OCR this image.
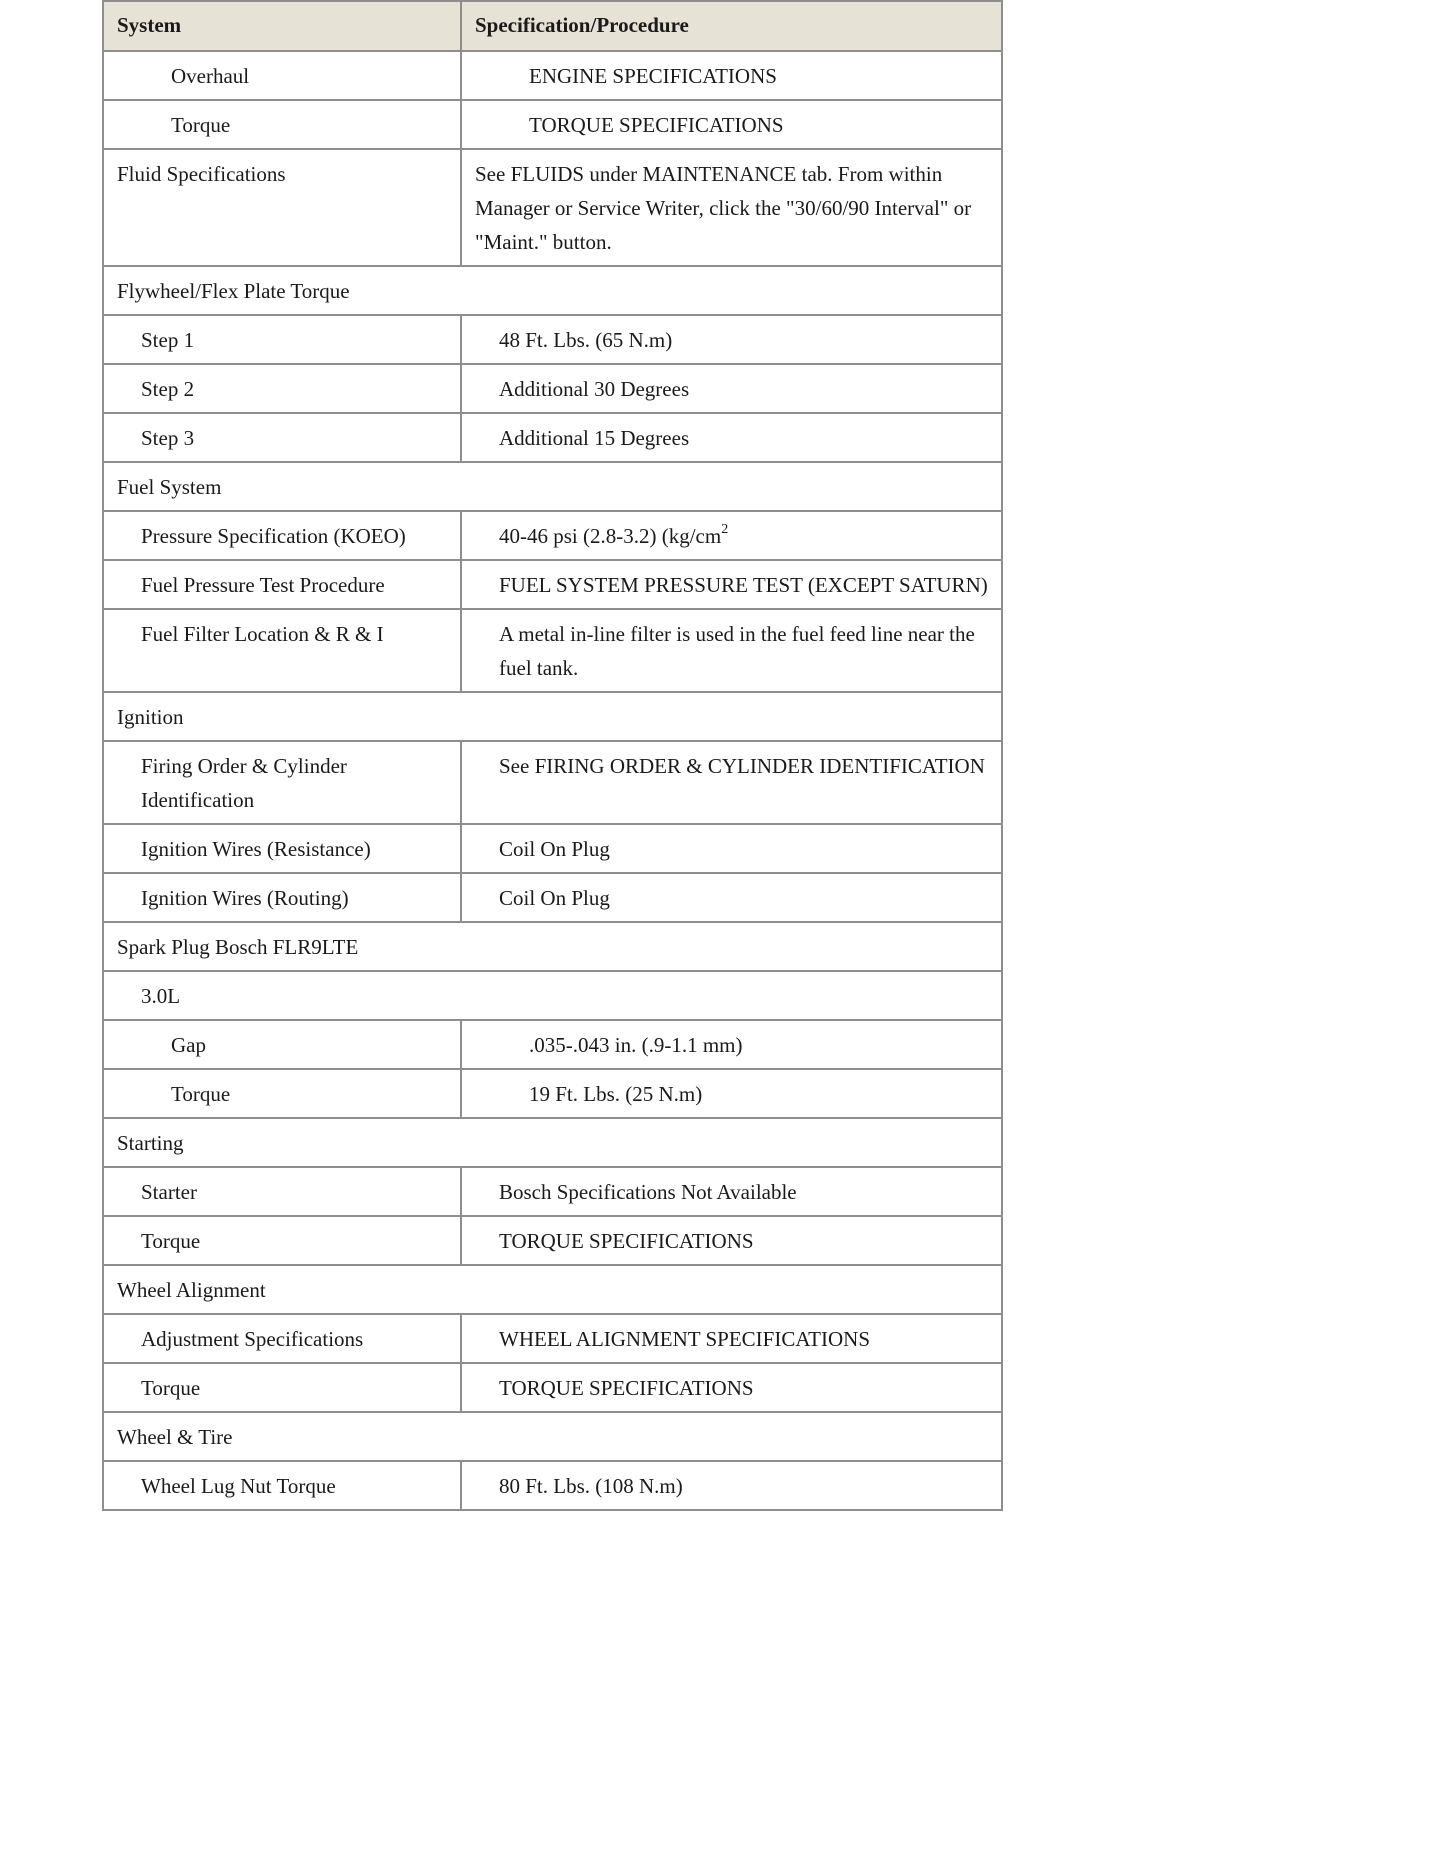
System	Specification/Procedure
Overhaul	ENGINE SPECIFICATIONS
Torque	TORQUE SPECIFICATIONS
Fluid Specifications	See FLUIDS under MAINTENANCE tab. From within Manager or Service Writer, click the "30/60/90 Interval" or "Maint." button.
Flywheel/Flex Plate Torque	
Step 1	48 Ft. Lbs. (65 N.m)
Step 2	Additional 30 Degrees
Step 3	Additional 15 Degrees
Fuel System	
Pressure Specification (KOEO)	40-46 psi (2.8-3.2) ($kg/cm^2$
Fuel Pressure Test Procedure	FUEL SYSTEM PRESSURE TEST (EXCEPT SATURN)
Fuel Filter Location & R & I	A metal in-line filter is used in the fuel feed line near the fuel tank.
Ignition	
Firing Order & Cylinder Identification	See FIRING ORDER & CYLINDER IDENTIFICATION
Ignition Wires (Resistance)	Coil On Plug
Ignition Wires (Routing)	Coil On Plug
Spark Plug Bosch FLR9LTE	
3.0L	
Gap	.035-.043 in. (.9-1.1 mm)
Torque	19 Ft. Lbs. (25 N.m)
Starting	
Starter	Bosch Specifications Not Available
Torque	TORQUE SPECIFICATIONS
Wheel Alignment	
Adjustment Specifications	WHEEL ALIGNMENT SPECIFICATIONS
Torque	TORQUE SPECIFICATIONS
Wheel & Tire	
Wheel Lug Nut Torque	80 Ft. Lbs. (108 N.m)
